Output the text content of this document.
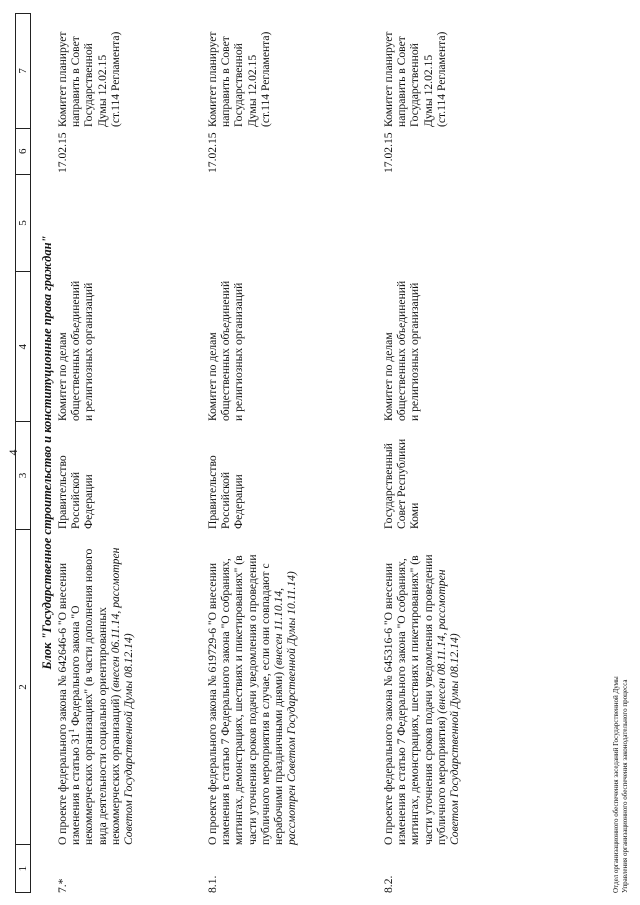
4
1
2
3
4
5
6
7
Блок "Государственное строительство и конституционные права граждан"
7.*
О проекте федерального закона № 642646-6 "О внесении изменения в статью $31^1$ Федерального закона "О некоммерческих организациях" (в части дополнения нового вида деятельности социально ориентированных некоммерческих организаций) (внесен 06.11.14, рассмотрен Советом Государственной Думы 08.12.14)
Правительство Российской Федерации
Комитет по делам общественных объединений и религиозных организаций
17.02.15
Комитет планирует направить в Совет Государственной Думы 12.02.15 (ст.114 Регламента)
8.1.
О проекте федерального закона № 619729-6 "О внесении изменения в статью 7 Федерального закона "О собраниях, митингах, демонстрациях, шествиях и пикетированиях" (в части уточнения сроков подачи уведомления о проведении публичного мероприятия в случае, если они совпадают с нерабочими праздничными днями) (внесен 11.10.14, рассмотрен Советом Государственной Думы 10.11.14)
Правительство Российской Федерации
Комитет по делам общественных объединений и религиозных организаций
17.02.15
Комитет планирует направить в Совет Государственной Думы 12.02.15 (ст.114 Регламента)
8.2.
О проекте федерального закона № 645316-6 "О внесении изменения в статью 7 Федерального закона "О собраниях, митингах, демонстрациях, шествиях и пикетированиях" (в части уточнения сроков подачи уведомления о проведении публичного мероприятия) (внесен 08.11.14, рассмотрен Советом Государственной Думы 08.12.14)
Государственный Совет Республики Коми
Комитет по делам общественных объединений и религиозных организаций
17.02.15
Комитет планирует направить в Совет Государственной Думы 12.02.15 (ст.114 Регламента)
Отдел организационного обеспечения заседаний Государственной Думы Управления организационного обеспечения законодательного процесса
